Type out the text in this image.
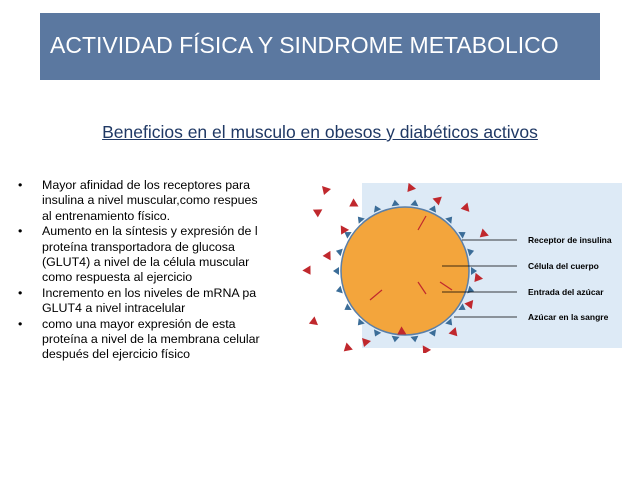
ACTIVIDAD FÍSICA Y SINDROME METABOLICO
Beneficios en el musculo en obesos y diabéticos activos
• Mayor afinidad de los receptores para
insulina a nivel muscular,como respues
al entrenamiento físico.
• Aumento en la síntesis y expresión de l
proteína transportadora de glucosa
(GLUT4) a nivel de la célula muscular
como respuesta al ejercicio
• Incremento en los niveles de mRNA pa
GLUT4 a nivel intracelular
• como una mayor expresión de esta
proteína a nivel de la membrana celular
después del ejercicio físico
Receptor de insulina
Célula del cuerpo
Entrada del azúcar
Azúcar en la sangre
